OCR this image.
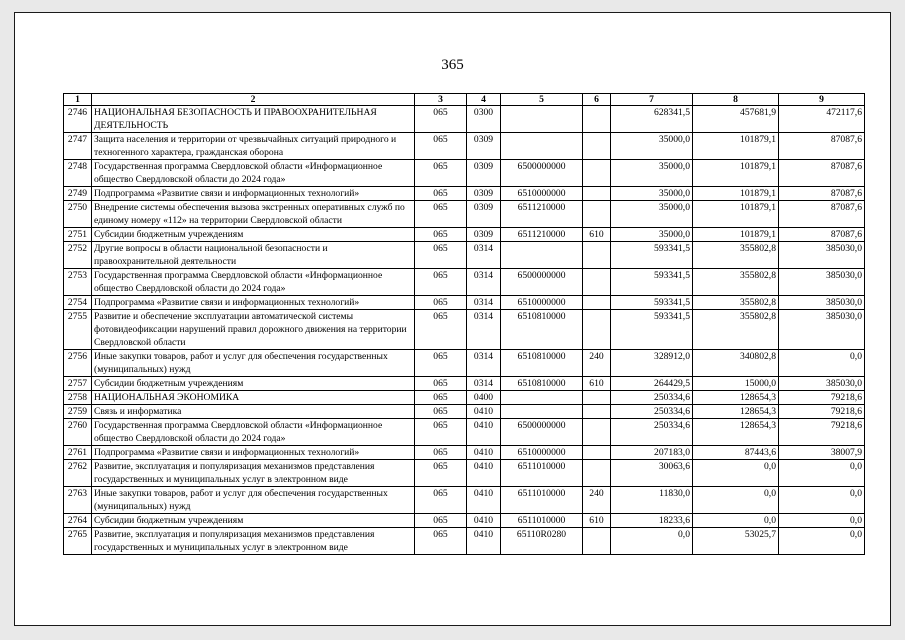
365
1	2	3	4	5	6	7	8	9
2746	НАЦИОНАЛЬНАЯ БЕЗОПАСНОСТЬ И ПРАВООХРАНИТЕЛЬНАЯ ДЕЯТЕЛЬНОСТЬ	065	0300			628341,5	457681,9	472117,6
2747	Защита населения и территории от чрезвычайных ситуаций природного и техногенного характера, гражданская оборона	065	0309			35000,0	101879,1	87087,6
2748	Государственная программа Свердловской области «Информационное общество Свердловской области до 2024 года»	065	0309	6500000000		35000,0	101879,1	87087,6
2749	Подпрограмма «Развитие связи и информационных технологий»	065	0309	6510000000		35000,0	101879,1	87087,6
2750	Внедрение системы обеспечения вызова экстренных оперативных служб по единому номеру «112» на территории Свердловской области	065	0309	6511210000		35000,0	101879,1	87087,6
2751	Субсидии бюджетным учреждениям	065	0309	6511210000	610	35000,0	101879,1	87087,6
2752	Другие вопросы в области национальной безопасности и правоохранительной деятельности	065	0314			593341,5	355802,8	385030,0
2753	Государственная программа Свердловской области «Информационное общество Свердловской области до 2024 года»	065	0314	6500000000		593341,5	355802,8	385030,0
2754	Подпрограмма «Развитие связи и информационных технологий»	065	0314	6510000000		593341,5	355802,8	385030,0
2755	Развитие и обеспечение эксплуатации автоматической системы фотовидеофиксации нарушений правил дорожного движения на территории Свердловской области	065	0314	6510810000		593341,5	355802,8	385030,0
2756	Иные закупки товаров, работ и услуг для обеспечения государственных (муниципальных) нужд	065	0314	6510810000	240	328912,0	340802,8	0,0
2757	Субсидии бюджетным учреждениям	065	0314	6510810000	610	264429,5	15000,0	385030,0
2758	НАЦИОНАЛЬНАЯ ЭКОНОМИКА	065	0400			250334,6	128654,3	79218,6
2759	Связь и информатика	065	0410			250334,6	128654,3	79218,6
2760	Государственная программа Свердловской области «Информационное общество Свердловской области до 2024 года»	065	0410	6500000000		250334,6	128654,3	79218,6
2761	Подпрограмма «Развитие связи и информационных технологий»	065	0410	6510000000		207183,0	87443,6	38007,9
2762	Развитие, эксплуатация и популяризация механизмов представления государственных и муниципальных услуг в электронном виде	065	0410	6511010000		30063,6	0,0	0,0
2763	Иные закупки товаров, работ и услуг для обеспечения государственных (муниципальных) нужд	065	0410	6511010000	240	11830,0	0,0	0,0
2764	Субсидии бюджетным учреждениям	065	0410	6511010000	610	18233,6	0,0	0,0
2765	Развитие, эксплуатация и популяризация механизмов представления государственных и муниципальных услуг в электронном виде	065	0410	65110R0280		0,0	53025,7	0,0
